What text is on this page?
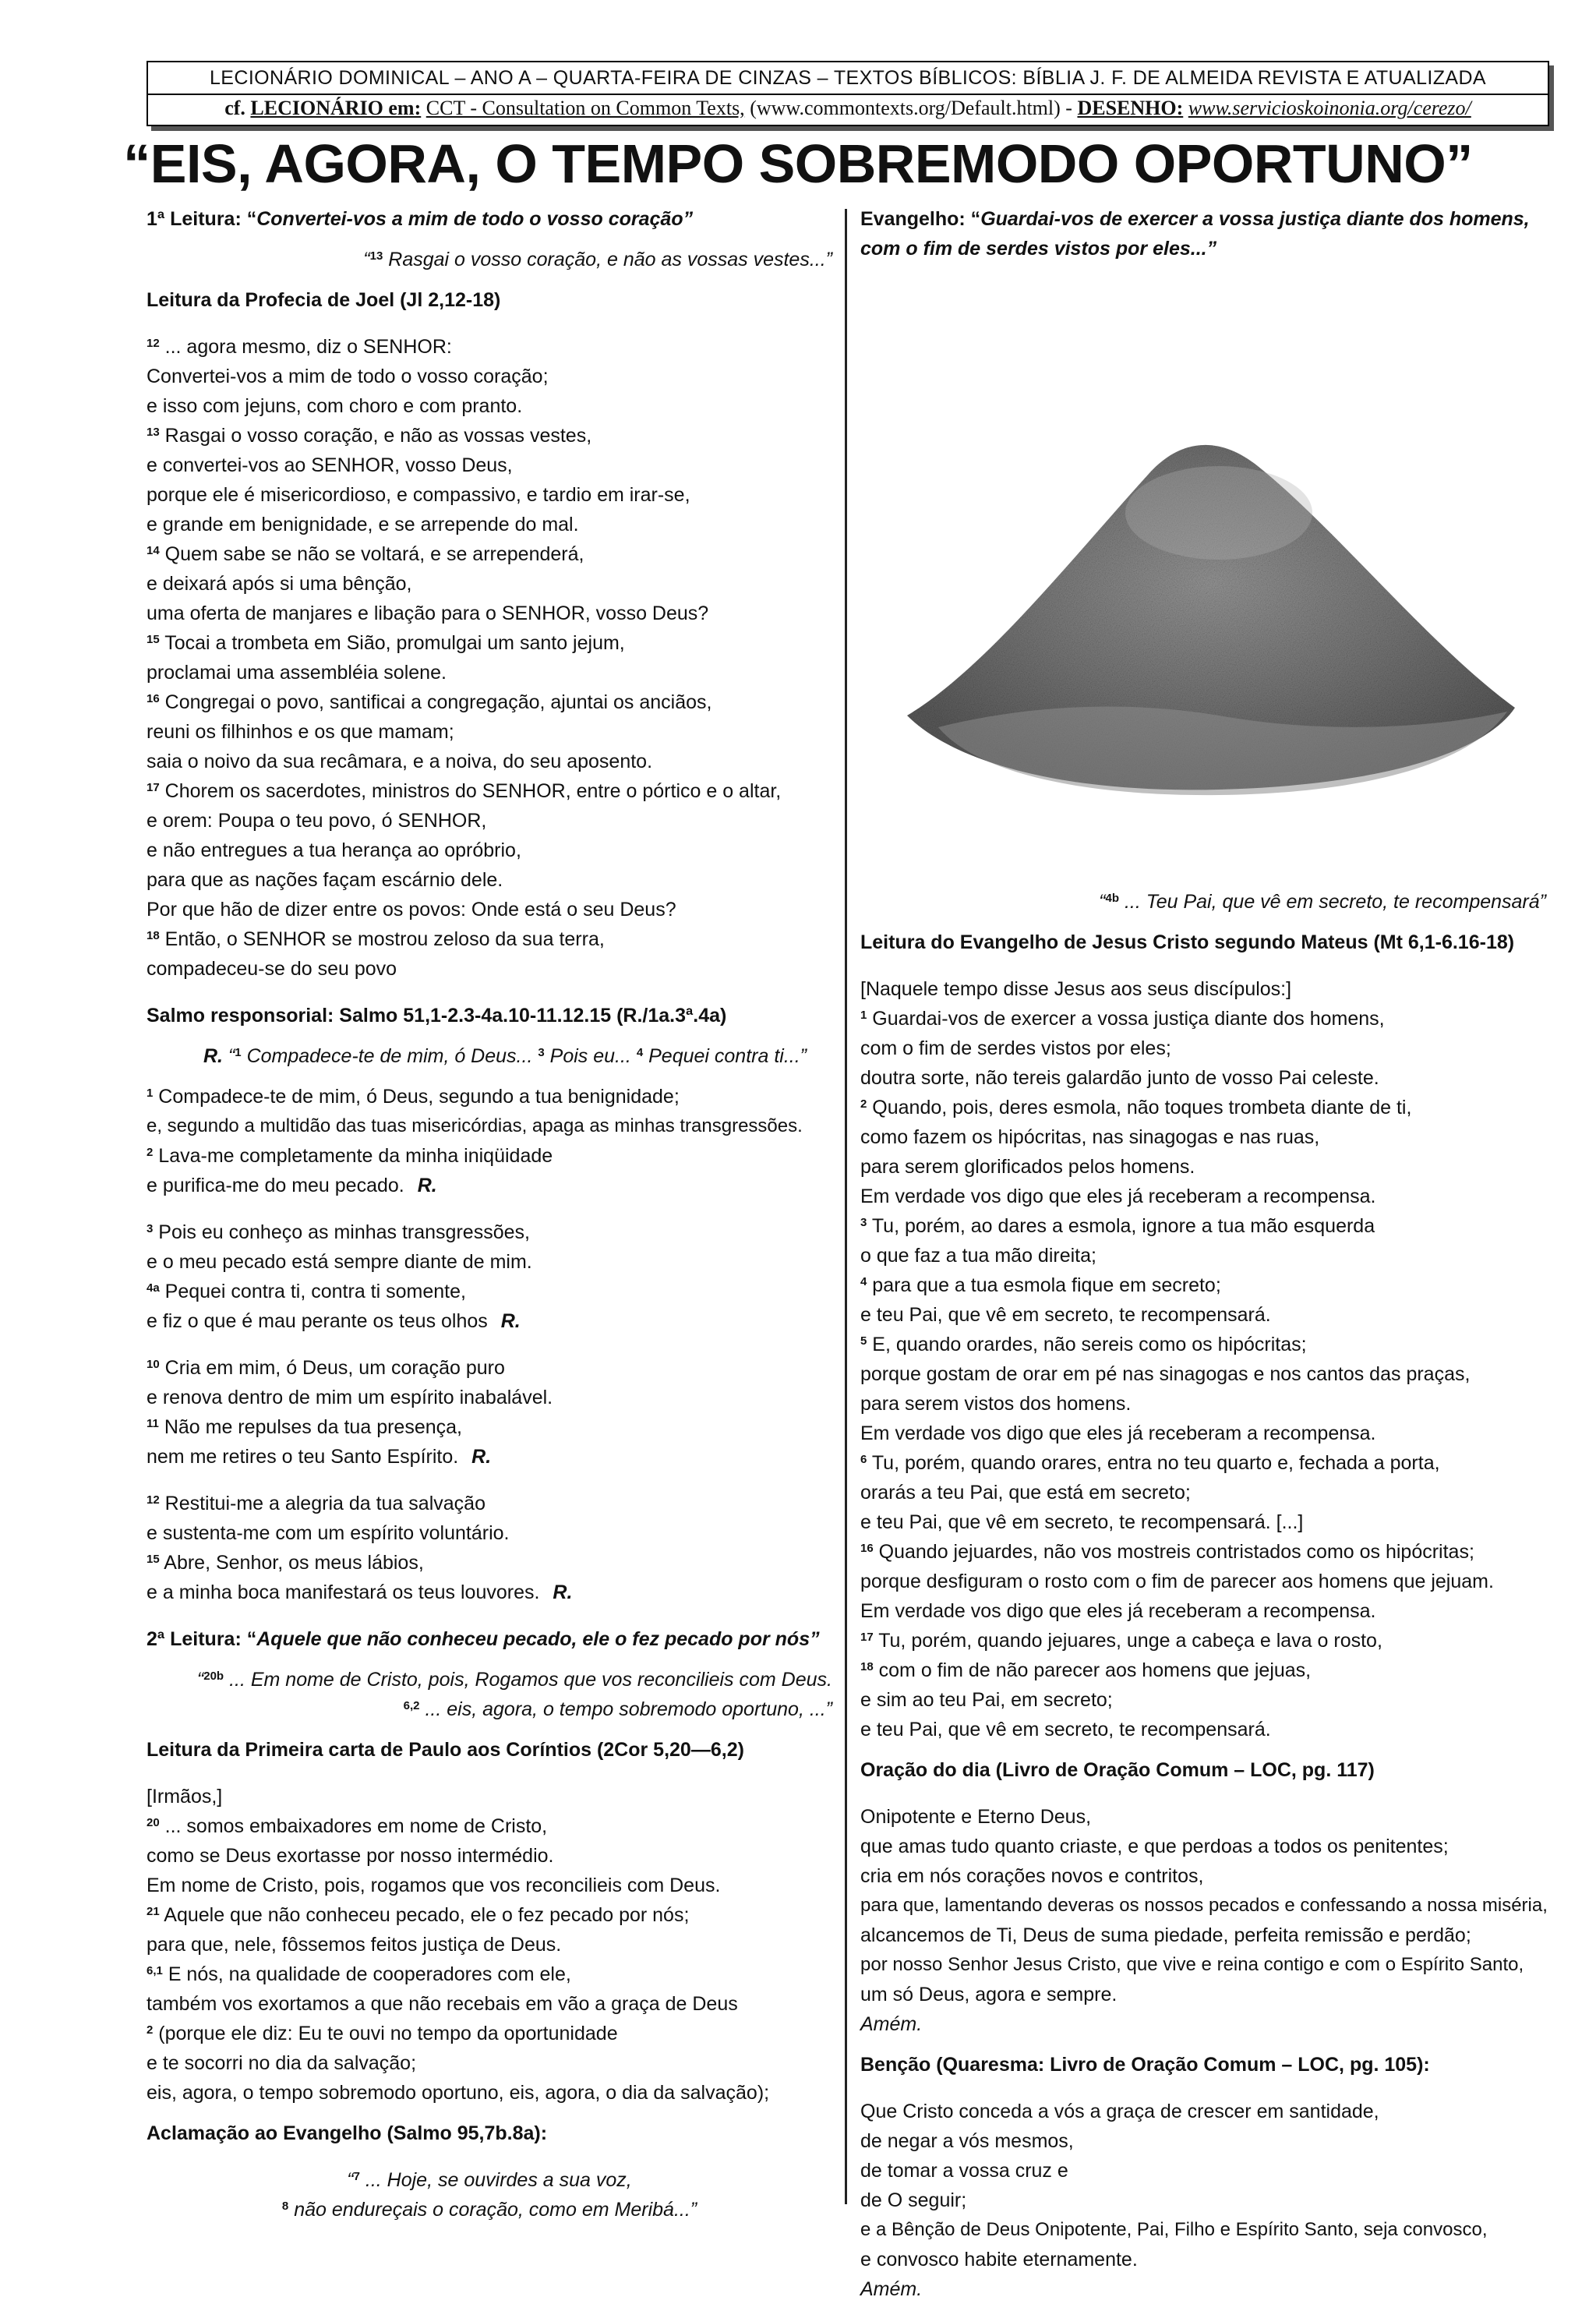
LECIONÁRIO DOMINICAL – ANO A – QUARTA-FEIRA DE CINZAS – TEXTOS BÍBLICOS: BÍBLIA J. F. DE ALMEIDA REVISTA E ATUALIZADA
cf. LECIONÁRIO em: CCT - Consultation on Common Texts, (www.commontexts.org/Default.html) - DESENHO: www.servicioskoinonia.org/cerezo/
“EIS, AGORA, O TEMPO SOBREMODO OPORTUNO”
1ª Leitura: “Convertei-vos a mim de todo o vosso coração”
“$^{13}$ Rasgai o vosso coração, e não as vossas vestes...”
Leitura da Profecia de Joel (Jl 2,12-18)
$^{12}$ ... agora mesmo, diz o SENHOR:
Convertei-vos a mim de todo o vosso coração;
e isso com jejuns, com choro e com pranto.
$^{13}$ Rasgai o vosso coração, e não as vossas vestes,
e convertei-vos ao SENHOR, vosso Deus,
porque ele é misericordioso, e compassivo, e tardio em irar-se,
e grande em benignidade, e se arrepende do mal.
$^{14}$ Quem sabe se não se voltará, e se arrependerá,
e deixará após si uma bênção,
uma oferta de manjares e libação para o SENHOR, vosso Deus?
$^{15}$ Tocai a trombeta em Sião, promulgai um santo jejum,
proclamai uma assembléia solene.
$^{16}$ Congregai o povo, santificai a congregação, ajuntai os anciãos,
reuni os filhinhos e os que mamam;
saia o noivo da sua recâmara, e a noiva, do seu aposento.
$^{17}$ Chorem os sacerdotes, ministros do SENHOR, entre o pórtico e o altar,
e orem: Poupa o teu povo, ó SENHOR,
e não entregues a tua herança ao opróbrio,
para que as nações façam escárnio dele.
Por que hão de dizer entre os povos: Onde está o seu Deus?
$^{18}$ Então, o SENHOR se mostrou zeloso da sua terra,
compadeceu-se do seu povo
Salmo responsorial: Salmo 51,1-2.3-4a.10-11.12.15 (R./1a.3ª.4a)
R. “$^1$ Compadece-te de mim, ó Deus... $^3$ Pois eu... $^4$ Pequei contra ti...”
$^1$ Compadece-te de mim, ó Deus, segundo a tua benignidade;
e, segundo a multidão das tuas misericórdias, apaga as minhas transgressões.
$^2$ Lava-me completamente da minha iniqüidade
e purifica-me do meu pecado. R.
$^3$ Pois eu conheço as minhas transgressões,
e o meu pecado está sempre diante de mim.
$^{4a}$ Pequei contra ti, contra ti somente,
e fiz o que é mau perante os teus olhos R.
$^{10}$ Cria em mim, ó Deus, um coração puro
e renova dentro de mim um espírito inabalável.
$^{11}$ Não me repulses da tua presença,
nem me retires o teu Santo Espírito. R.
$^{12}$ Restitui-me a alegria da tua salvação
e sustenta-me com um espírito voluntário.
$^{15}$ Abre, Senhor, os meus lábios,
e a minha boca manifestará os teus louvores. R.
2ª Leitura: “Aquele que não conheceu pecado, ele o fez pecado por nós”
“$^{20b}$ ... Em nome de Cristo, pois, Rogamos que vos reconcilieis com Deus.
$^{6,2}$ ... eis, agora, o tempo sobremodo oportuno, ...”
Leitura da Primeira carta de Paulo aos Coríntios (2Cor 5,20—6,2)
[Irmãos,]
$^{20}$ ... somos embaixadores em nome de Cristo,
como se Deus exortasse por nosso intermédio.
Em nome de Cristo, pois, rogamos que vos reconcilieis com Deus.
$^{21}$ Aquele que não conheceu pecado, ele o fez pecado por nós;
para que, nele, fôssemos feitos justiça de Deus.
$^{6,1}$ E nós, na qualidade de cooperadores com ele,
também vos exortamos a que não recebais em vão a graça de Deus
$^2$ (porque ele diz: Eu te ouvi no tempo da oportunidade
e te socorri no dia da salvação;
eis, agora, o tempo sobremodo oportuno, eis, agora, o dia da salvação);
Aclamação ao Evangelho (Salmo 95,7b.8a):
“$^7$ ... Hoje, se ouvirdes a sua voz,
$^8$ não endureçais o coração, como em Meribá...”
Evangelho: “Guardai-vos de exercer a vossa justiça diante dos homens, com o fim de serdes vistos por eles...”
“$^{4b}$ ... Teu Pai, que vê em secreto, te recompensará”
Leitura do Evangelho de Jesus Cristo segundo Mateus (Mt 6,1-6.16-18)
[Naquele tempo disse Jesus aos seus discípulos:]
$^1$ Guardai-vos de exercer a vossa justiça diante dos homens,
com o fim de serdes vistos por eles;
doutra sorte, não tereis galardão junto de vosso Pai celeste.
$^2$ Quando, pois, deres esmola, não toques trombeta diante de ti,
como fazem os hipócritas, nas sinagogas e nas ruas,
para serem glorificados pelos homens.
Em verdade vos digo que eles já receberam a recompensa.
$^3$ Tu, porém, ao dares a esmola, ignore a tua mão esquerda
o que faz a tua mão direita;
$^4$ para que a tua esmola fique em secreto;
e teu Pai, que vê em secreto, te recompensará.
$^5$ E, quando orardes, não sereis como os hipócritas;
porque gostam de orar em pé nas sinagogas e nos cantos das praças,
para serem vistos dos homens.
Em verdade vos digo que eles já receberam a recompensa.
$^6$ Tu, porém, quando orares, entra no teu quarto e, fechada a porta,
orarás a teu Pai, que está em secreto;
e teu Pai, que vê em secreto, te recompensará. [...]
$^{16}$ Quando jejuardes, não vos mostreis contristados como os hipócritas;
porque desfiguram o rosto com o fim de parecer aos homens que jejuam.
Em verdade vos digo que eles já receberam a recompensa.
$^{17}$ Tu, porém, quando jejuares, unge a cabeça e lava o rosto,
$^{18}$ com o fim de não parecer aos homens que jejuas,
e sim ao teu Pai, em secreto;
e teu Pai, que vê em secreto, te recompensará.
Oração do dia (Livro de Oração Comum – LOC, pg. 117)
Onipotente e Eterno Deus,
que amas tudo quanto criaste, e que perdoas a todos os penitentes;
cria em nós corações novos e contritos,
para que, lamentando deveras os nossos pecados e confessando a nossa miséria,
alcancemos de Ti, Deus de suma piedade, perfeita remissão e perdão;
por nosso Senhor Jesus Cristo, que vive e reina contigo e com o Espírito Santo,
um só Deus, agora e sempre.
Amém.
Benção (Quaresma: Livro de Oração Comum – LOC, pg. 105):
Que Cristo conceda a vós a graça de crescer em santidade,
de negar a vós mesmos,
de tomar a vossa cruz e
de O seguir;
e a Bênção de Deus Onipotente, Pai, Filho e Espírito Santo, seja convosco,
e convosco habite eternamente.
Amém.
